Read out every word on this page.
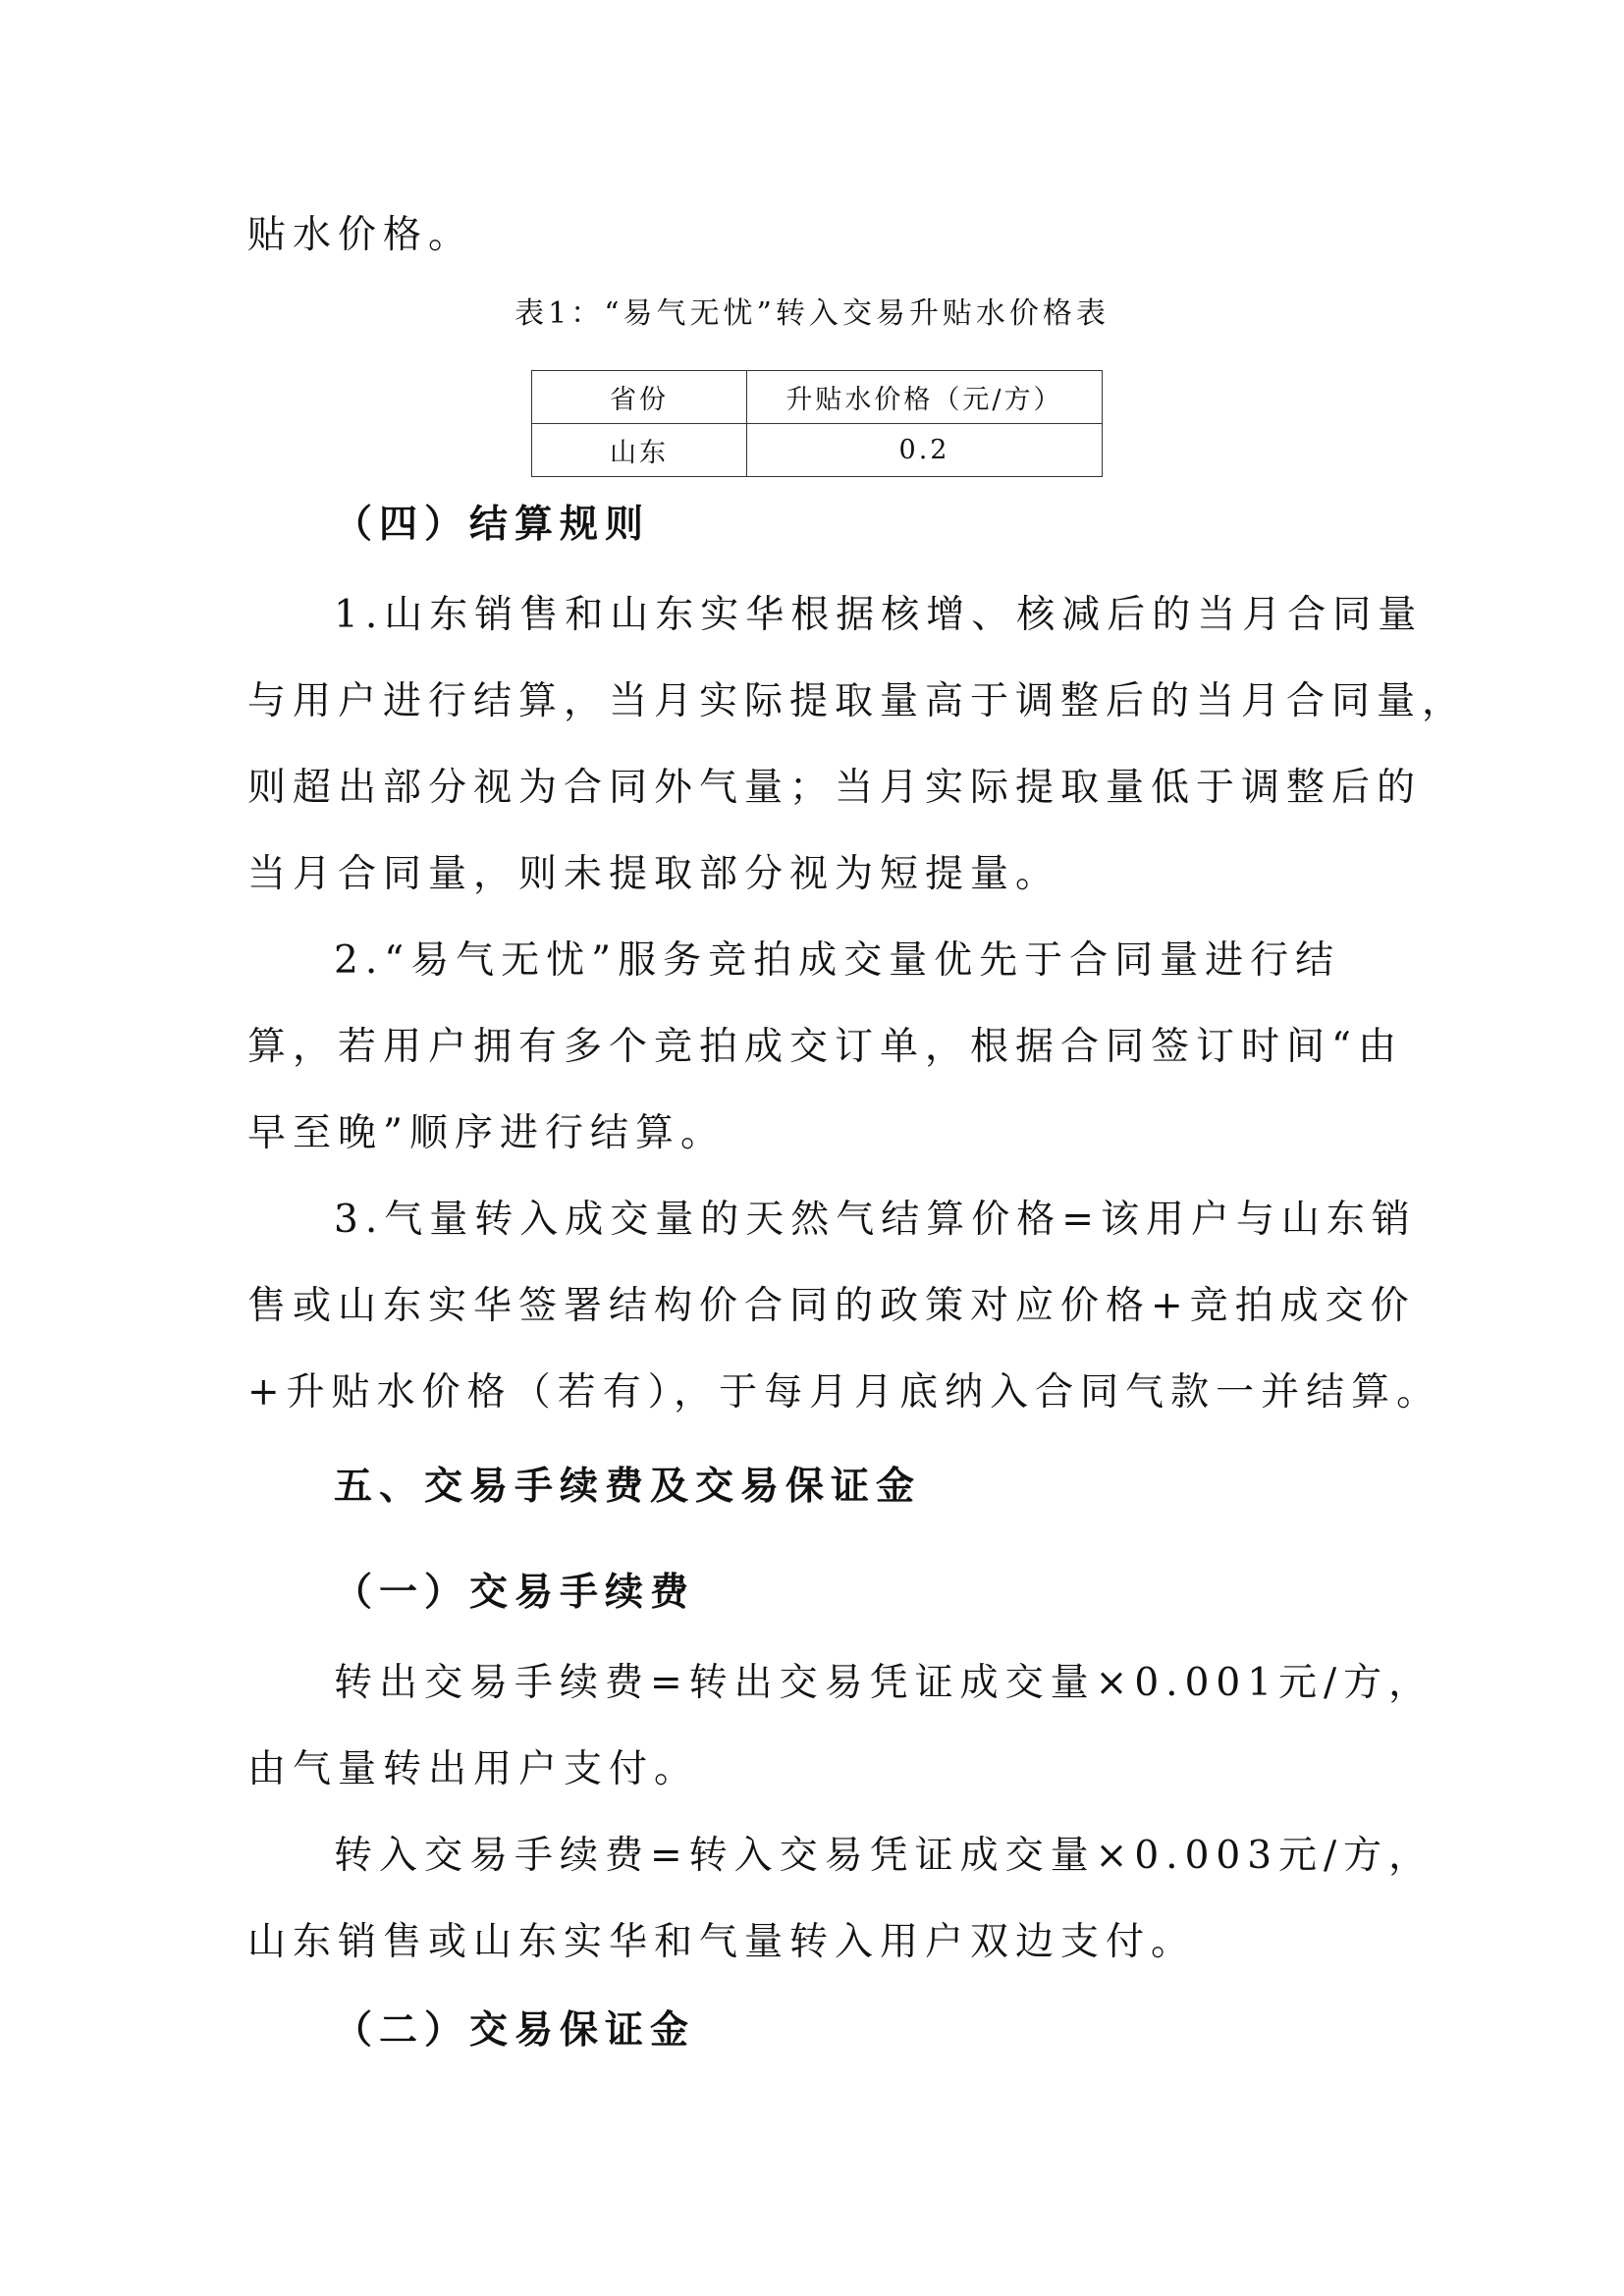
贴水价格。
表1：“易气无忧”转入交易升贴水价格表
省份	升贴水价格（元/方）
山东	0.2
（四）结算规则
1.山东销售和山东实华根据核增、核减后的当月合同量
与用户进行结算，当月实际提取量高于调整后的当月合同量，
则超出部分视为合同外气量；当月实际提取量低于调整后的
当月合同量，则未提取部分视为短提量。
2.“易气无忧”服务竞拍成交量优先于合同量进行结
算，若用户拥有多个竞拍成交订单，根据合同签订时间“由
早至晚”顺序进行结算。
3.气量转入成交量的天然气结算价格=该用户与山东销
售或山东实华签署结构价合同的政策对应价格+竞拍成交价
+升贴水价格（若有），于每月月底纳入合同气款一并结算。
五、交易手续费及交易保证金
（一）交易手续费
转出交易手续费=转出交易凭证成交量×0.001元/方，
由气量转出用户支付。
转入交易手续费=转入交易凭证成交量×0.003元/方，
山东销售或山东实华和气量转入用户双边支付。
（二）交易保证金
